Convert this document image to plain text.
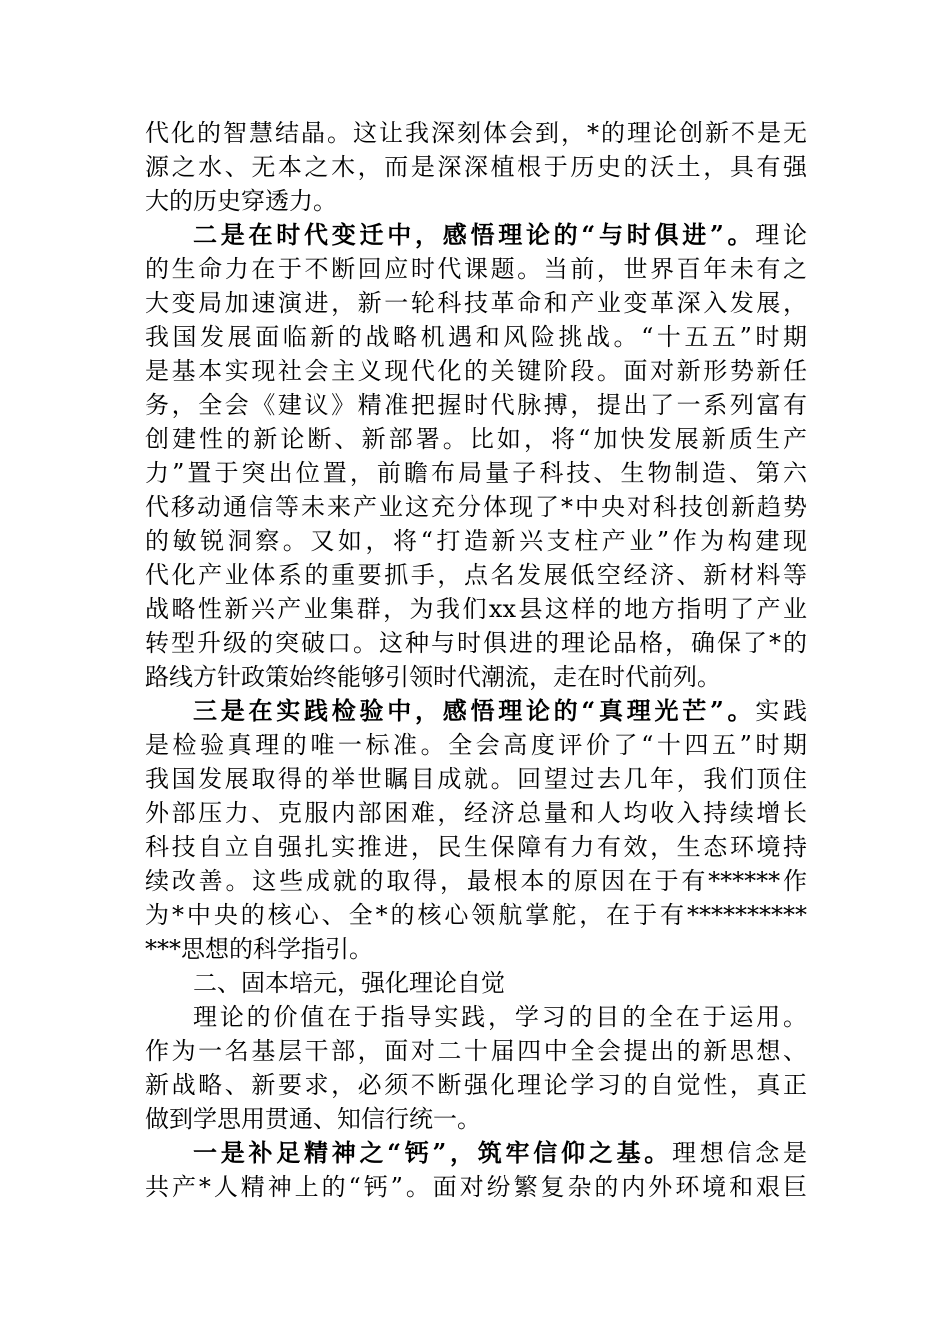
代化的智慧结晶。这让我深刻体会到，*的理论创新不是无
源之水、无本之木，而是深深植根于历史的沃土，具有强
大的历史穿透力。
二是在时代变迁中，感悟理论的“与时俱进”。理论
的生命力在于不断回应时代课题。当前，世界百年未有之
大变局加速演进，新一轮科技革命和产业变革深入发展，
我国发展面临新的战略机遇和风险挑战。“十五五”时期
是基本实现社会主义现代化的关键阶段。面对新形势新任
务，全会《建议》精准把握时代脉搏，提出了一系列富有
创建性的新论断、新部署。比如，将“加快发展新质生产
力”置于突出位置，前瞻布局量子科技、生物制造、第六
代移动通信等未来产业这充分体现了*中央对科技创新趋势
的敏锐洞察。又如，将“打造新兴支柱产业”作为构建现
代化产业体系的重要抓手，点名发展低空经济、新材料等
战略性新兴产业集群，为我们xx县这样的地方指明了产业
转型升级的突破口。这种与时俱进的理论品格，确保了*的
路线方针政策始终能够引领时代潮流，走在时代前列。
三是在实践检验中，感悟理论的“真理光芒”。实践
是检验真理的唯一标准。全会高度评价了“十四五”时期
我国发展取得的举世瞩目成就。回望过去几年，我们顶住
外部压力、克服内部困难，经济总量和人均收入持续增长
科技自立自强扎实推进，民生保障有力有效，生态环境持
续改善。这些成就的取得，最根本的原因在于有******作
为*中央的核心、全*的核心领航掌舵，在于有**********
***思想的科学指引。
二、固本培元，强化理论自觉
理论的价值在于指导实践，学习的目的全在于运用。
作为一名基层干部，面对二十届四中全会提出的新思想、
新战略、新要求，必须不断强化理论学习的自觉性，真正
做到学思用贯通、知信行统一。
一是补足精神之“钙”，筑牢信仰之基。理想信念是
共产*人精神上的“钙”。面对纷繁复杂的内外环境和艰巨
